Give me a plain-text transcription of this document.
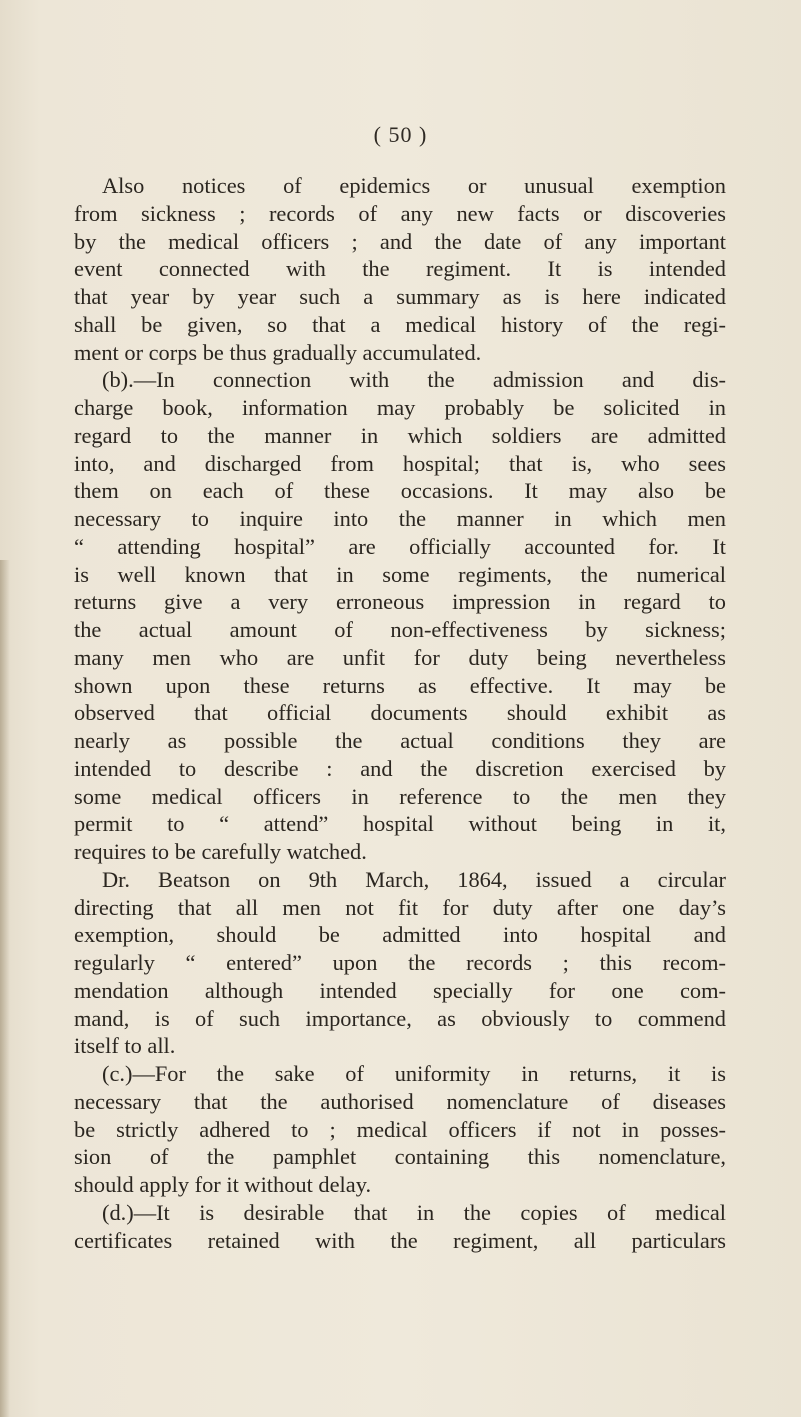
( 50 )
Also notices of epidemics or unusual exemption
from sickness ; records of any new facts or discoveries
by the medical officers ; and the date of any important
event connected with the regiment. It is intended
that year by year such a summary as is here indicated
shall be given, so that a medical history of the regi-
ment or corps be thus gradually accumulated.
(b).—In connection with the admission and dis-
charge book, information may probably be solicited in
regard to the manner in which soldiers are admitted
into, and discharged from hospital; that is, who sees
them on each of these occasions. It may also be
necessary to inquire into the manner in which men
“ attending hospital” are officially accounted for. It
is well known that in some regiments, the numerical
returns give a very erroneous impression in regard to
the actual amount of non-effectiveness by sickness;
many men who are unfit for duty being nevertheless
shown upon these returns as effective. It may be
observed that official documents should exhibit as
nearly as possible the actual conditions they are
intended to describe : and the discretion exercised by
some medical officers in reference to the men they
permit to “ attend” hospital without being in it,
requires to be carefully watched.
Dr. Beatson on 9th March, 1864, issued a circular
directing that all men not fit for duty after one day’s
exemption, should be admitted into hospital and
regularly “ entered” upon the records ; this recom-
mendation although intended specially for one com-
mand, is of such importance, as obviously to commend
itself to all.
(c.)—For the sake of uniformity in returns, it is
necessary that the authorised nomenclature of diseases
be strictly adhered to ; medical officers if not in posses-
sion of the pamphlet containing this nomenclature,
should apply for it without delay.
(d.)—It is desirable that in the copies of medical
certificates retained with the regiment, all particulars
